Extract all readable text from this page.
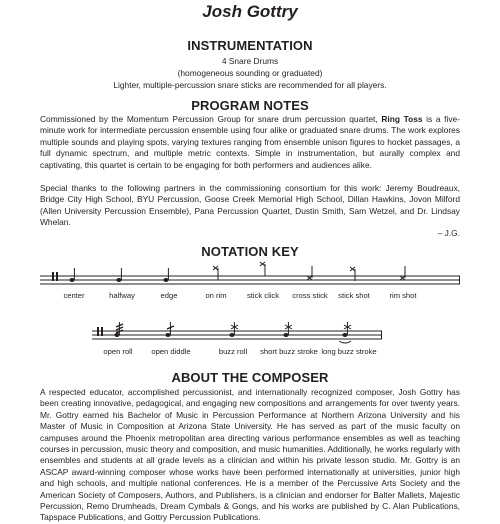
Josh Gottry
INSTRUMENTATION
4 Snare Drums
(homogeneous sounding or graduated)
Lighter, multiple-percussion snare sticks are recommended for all players.
PROGRAM NOTES
Commissioned by the Momentum Percussion Group for snare drum percussion quartet, Ring Toss is a five-minute work for intermediate percussion ensemble using four alike or graduated snare drums. The work explores multiple sounds and playing spots, varying textures ranging from ensemble unison figures to hocket passages, a full dynamic spectrum, and multiple metric contexts. Simple in instrumentation, but aurally complex and captivating, this quartet is certain to be engaging for both performers and audiences alike.
Special thanks to the following partners in the commissioning consortium for this work: Jeremy Boudreaux, Bridge City High School, BYU Percussion, Goose Creek Memorial High School, Dillan Hawkins, Jovon Milford (Allen University Percussion Ensemble), Pana Percussion Quartet, Dustin Smith, Sam Wetzel, and Dr. Lindsay Whelan.
– J.G.
NOTATION KEY
center	halfway	edge	on rim	stick click	cross stick	stick shot	rim shot
open roll	open diddle	buzz roll	short buzz stroke long buzz stroke
ABOUT THE COMPOSER
A respected educator, accomplished percussionist, and internationally recognized composer, Josh Gottry has been creating innovative, pedagogical, and engaging new compositions and arrangements for over twenty years. Mr. Gottry earned his Bachelor of Music in Percussion Performance at Northern Arizona University and his Master of Music in Composition at Arizona State University. He has served as part of the music faculty on campuses around the Phoenix metropolitan area directing various performance ensembles as well as teaching courses in percussion, music theory and composition, and music humanities. Additionally, he works regularly with ensembles and students at all grade levels as a clinician and within his private lesson studio. Mr. Gottry is an ASCAP award-winning composer whose works have been performed internationally at universities, junior high and high schools, and multiple national conferences. He is a member of the Percussive Arts Society and the American Society of Composers, Authors, and Publishers, is a clinician and endorser for Balter Mallets, Majestic Percussion, Remo Drumheads, Dream Cymbals & Gongs, and his works are published by C. Alan Publications, Tapspace Publications, and Gottry Percussion Publications.
